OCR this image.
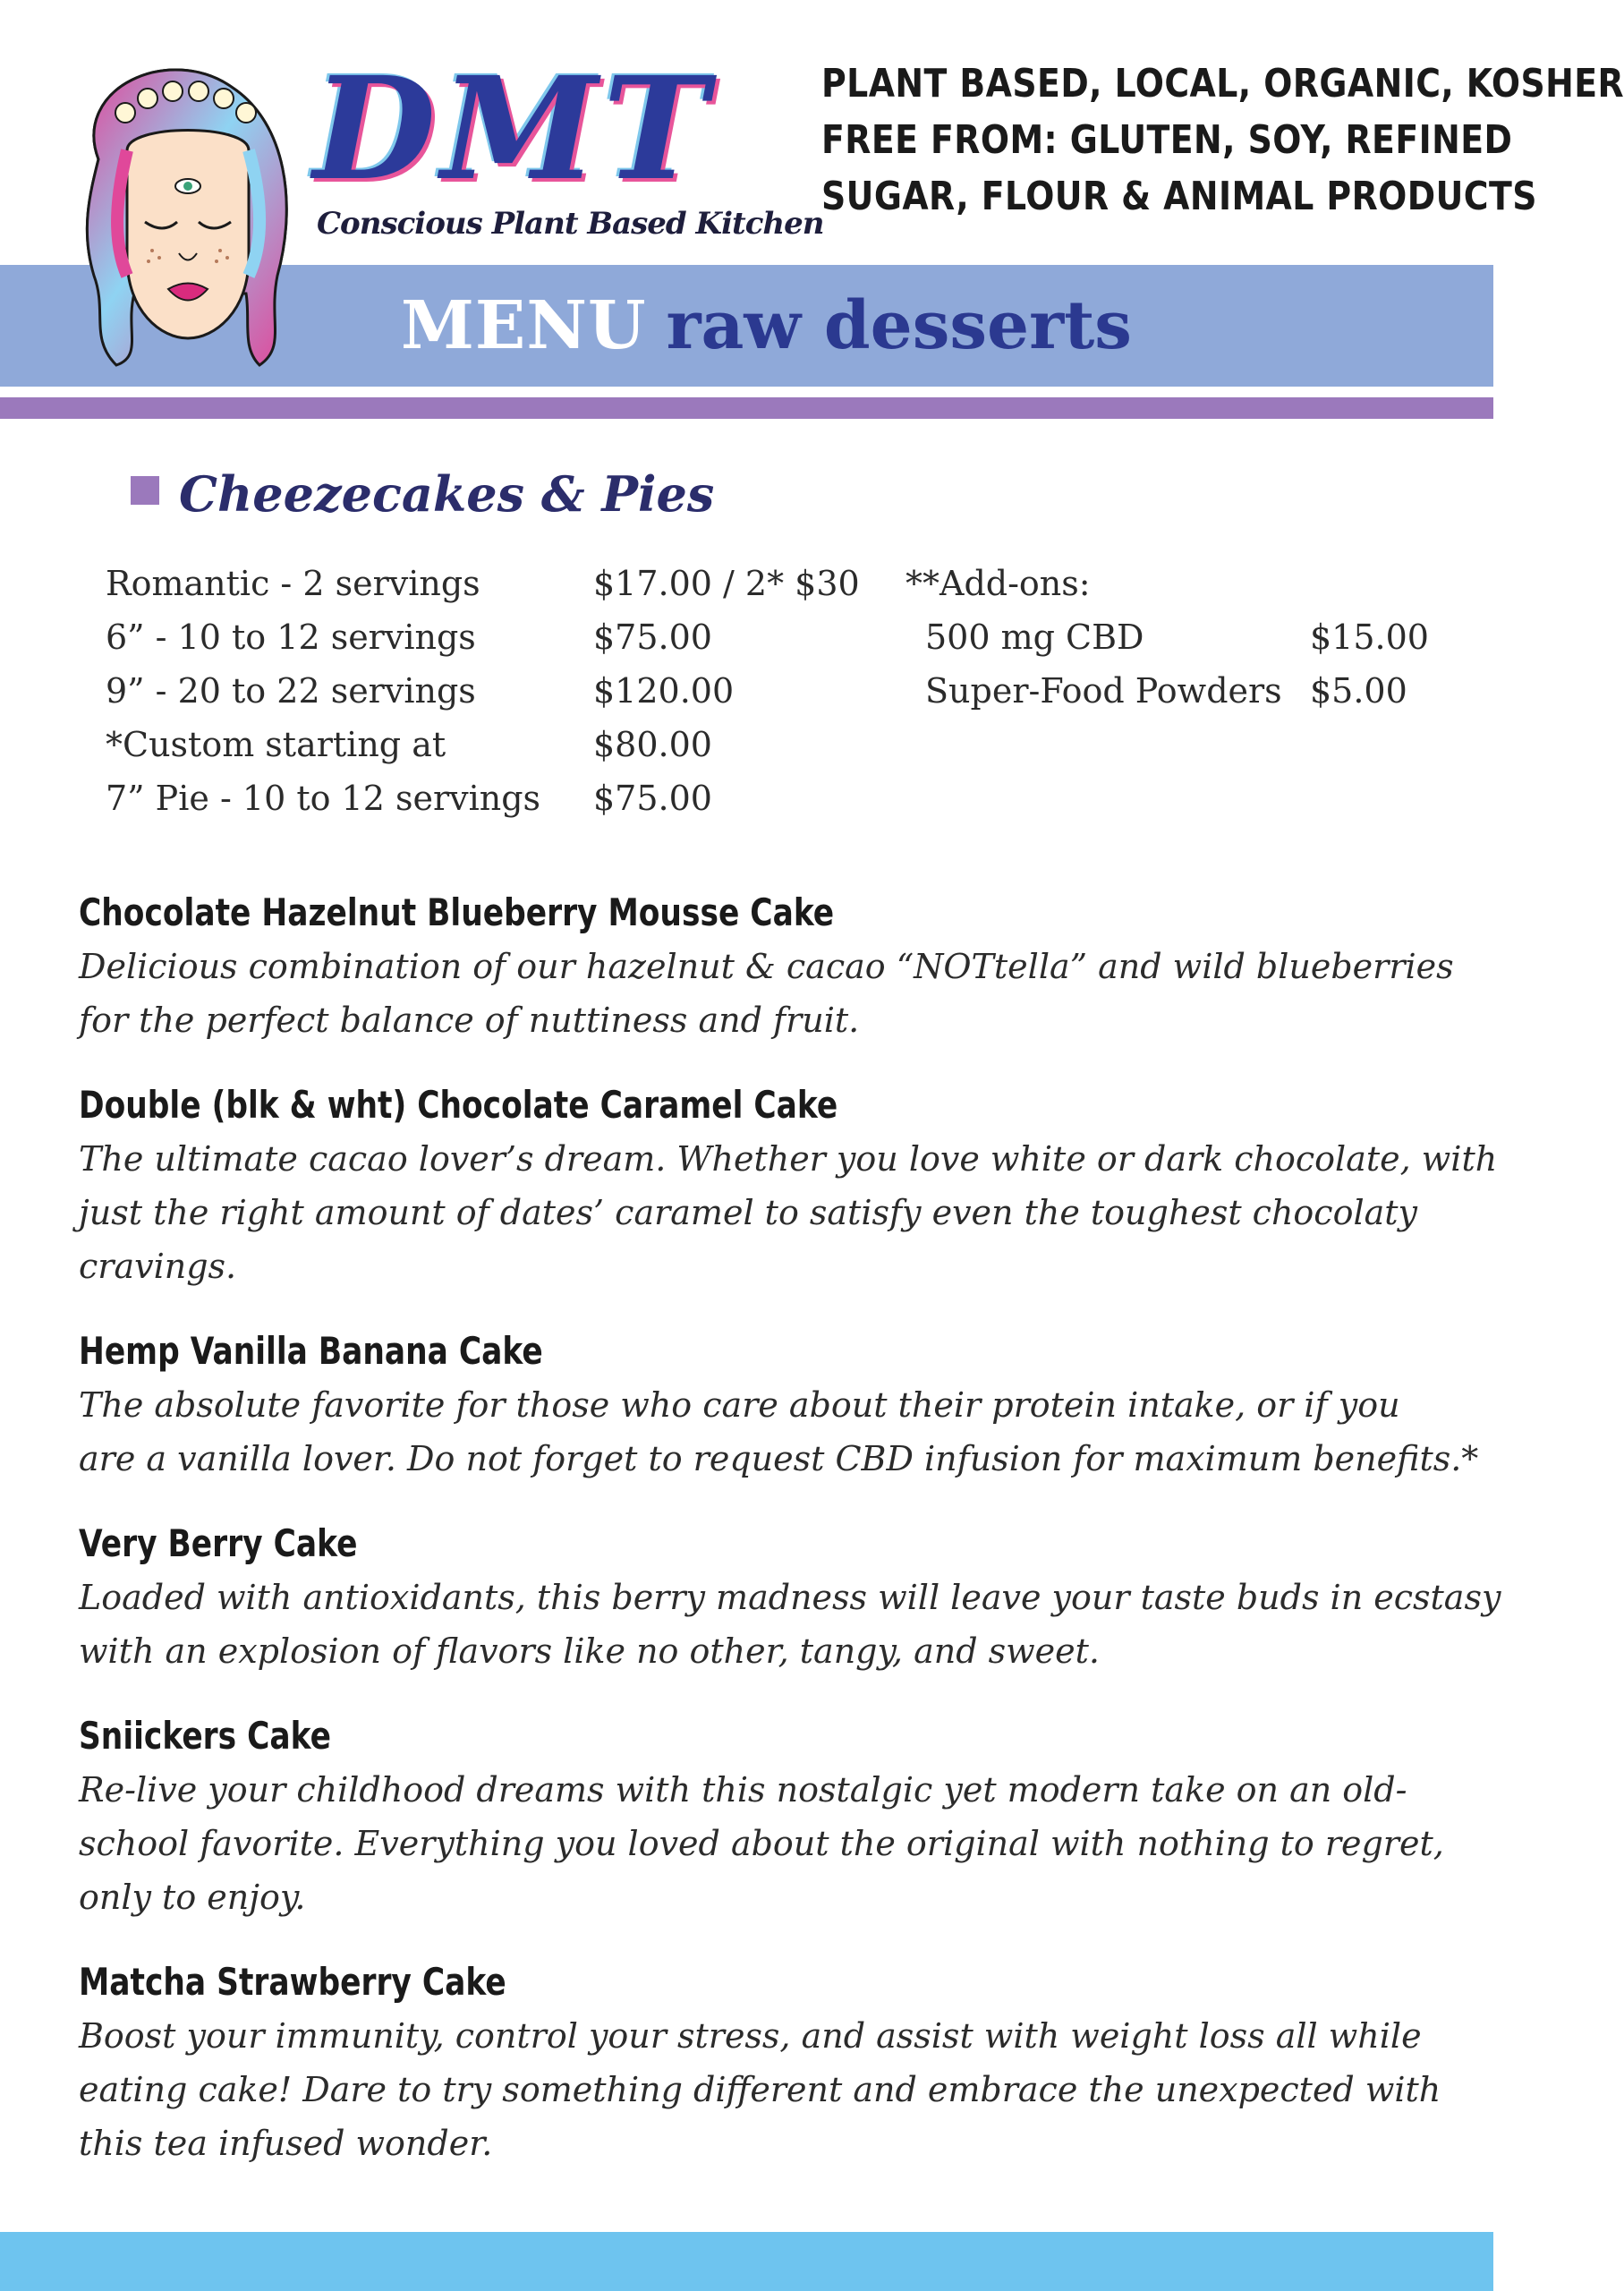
DMT
Conscious Plant Based Kitchen
PLANT BASED, LOCAL, ORGANIC, KOSHER
FREE FROM: GLUTEN, SOY, REFINED
SUGAR, FLOUR & ANIMAL PRODUCTS
MENU raw desserts
Cheezecakes & Pies
Romantic - 2 servings	$17.00 / 2* $30
6” - 10 to 12 servings	$75.00
9” - 20 to 22 servings	$120.00
*Custom starting at	$80.00
7” Pie - 10 to 12 servings $75.00
**Add-ons:
500 mg CBD	$15.00
Super-Food Powders $5.00
Chocolate Hazelnut Blueberry Mousse Cake
Delicious combination of our hazelnut & cacao “NOTtella” and wild blueberries
for the perfect balance of nuttiness and fruit.
Double (blk & wht) Chocolate Caramel Cake
The ultimate cacao lover’s dream. Whether you love white or dark chocolate, with
just the right amount of dates’ caramel to satisfy even the toughest chocolaty
cravings.
Hemp Vanilla Banana Cake
The absolute favorite for those who care about their protein intake, or if you
are a vanilla lover. Do not forget to request CBD infusion for maximum benefits.*
Very Berry Cake
Loaded with antioxidants, this berry madness will leave your taste buds in ecstasy
with an explosion of flavors like no other, tangy, and sweet.
Sniickers Cake
Re-live your childhood dreams with this nostalgic yet modern take on an old-
school favorite. Everything you loved about the original with nothing to regret,
only to enjoy.
Matcha Strawberry Cake
Boost your immunity, control your stress, and assist with weight loss all while
eating cake! Dare to try something different and embrace the unexpected with
this tea infused wonder.
